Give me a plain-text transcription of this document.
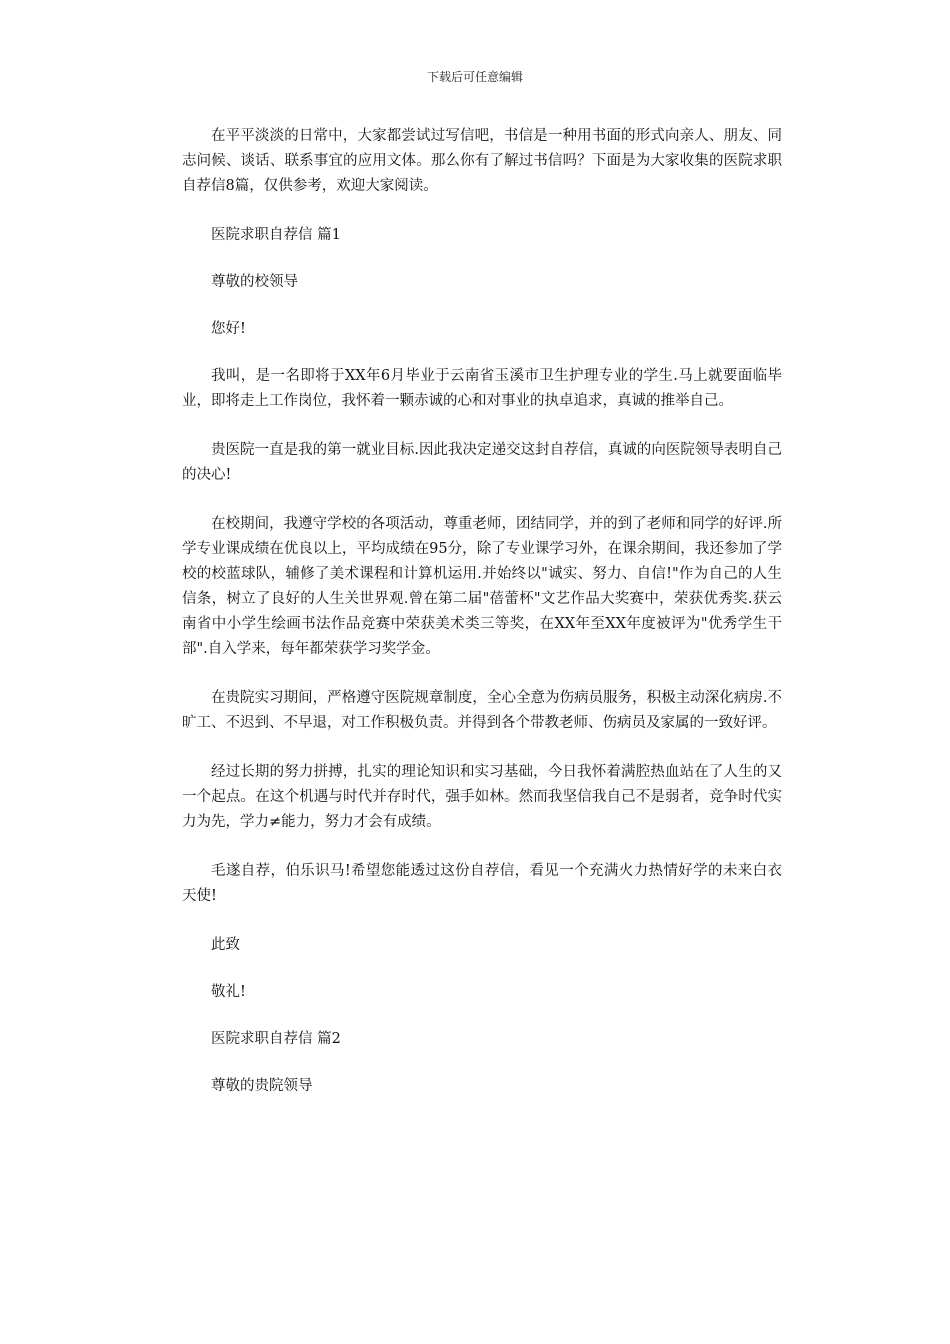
下载后可任意编辑

在平平淡淡的日常中，大家都尝试过写信吧，书信是一种用书面的形式向亲人、朋友、同志问候、谈话、联系事宜的应用文体。那么你有了解过书信吗？下面是为大家收集的医院求职自荐信8篇，仅供参考，欢迎大家阅读。

医院求职自荐信 篇1

尊敬的校领导

您好!

我叫，是一名即将于XX年6月毕业于云南省玉溪市卫生护理专业的学生.马上就要面临毕业，即将走上工作岗位，我怀着一颗赤诚的心和对事业的执卓追求，真诚的推举自己。

贵医院一直是我的第一就业目标.因此我决定递交这封自荐信，真诚的向医院领导表明自己的决心!

在校期间，我遵守学校的各项活动，尊重老师，团结同学，并的到了老师和同学的好评.所学专业课成绩在优良以上，平均成绩在95分，除了专业课学习外，在课余期间，我还参加了学校的校蓝球队，辅修了美术课程和计算机运用.并始终以"诚实、努力、自信!"作为自己的人生信条，树立了良好的人生关世界观.曾在第二届"蓓蕾杯"文艺作品大奖赛中，荣获优秀奖.获云南省中小学生绘画书法作品竞赛中荣获美术类三等奖，在XX年至XX年度被评为"优秀学生干部".自入学来，每年都荣获学习奖学金。

在贵院实习期间，严格遵守医院规章制度，全心全意为伤病员服务，积极主动深化病房.不旷工、不迟到、不早退，对工作积极负责。并得到各个带教老师、伤病员及家属的一致好评。

经过长期的努力拼搏，扎实的理论知识和实习基础，今日我怀着满腔热血站在了人生的又一个起点。在这个机遇与时代并存时代，强手如林。然而我坚信我自己不是弱者，竞争时代实力为先，学力≠能力，努力才会有成绩。

毛遂自荐，伯乐识马!希望您能透过这份自荐信，看见一个充满火力热情好学的未来白衣天使!

此致

敬礼!

医院求职自荐信 篇2

尊敬的贵院领导
